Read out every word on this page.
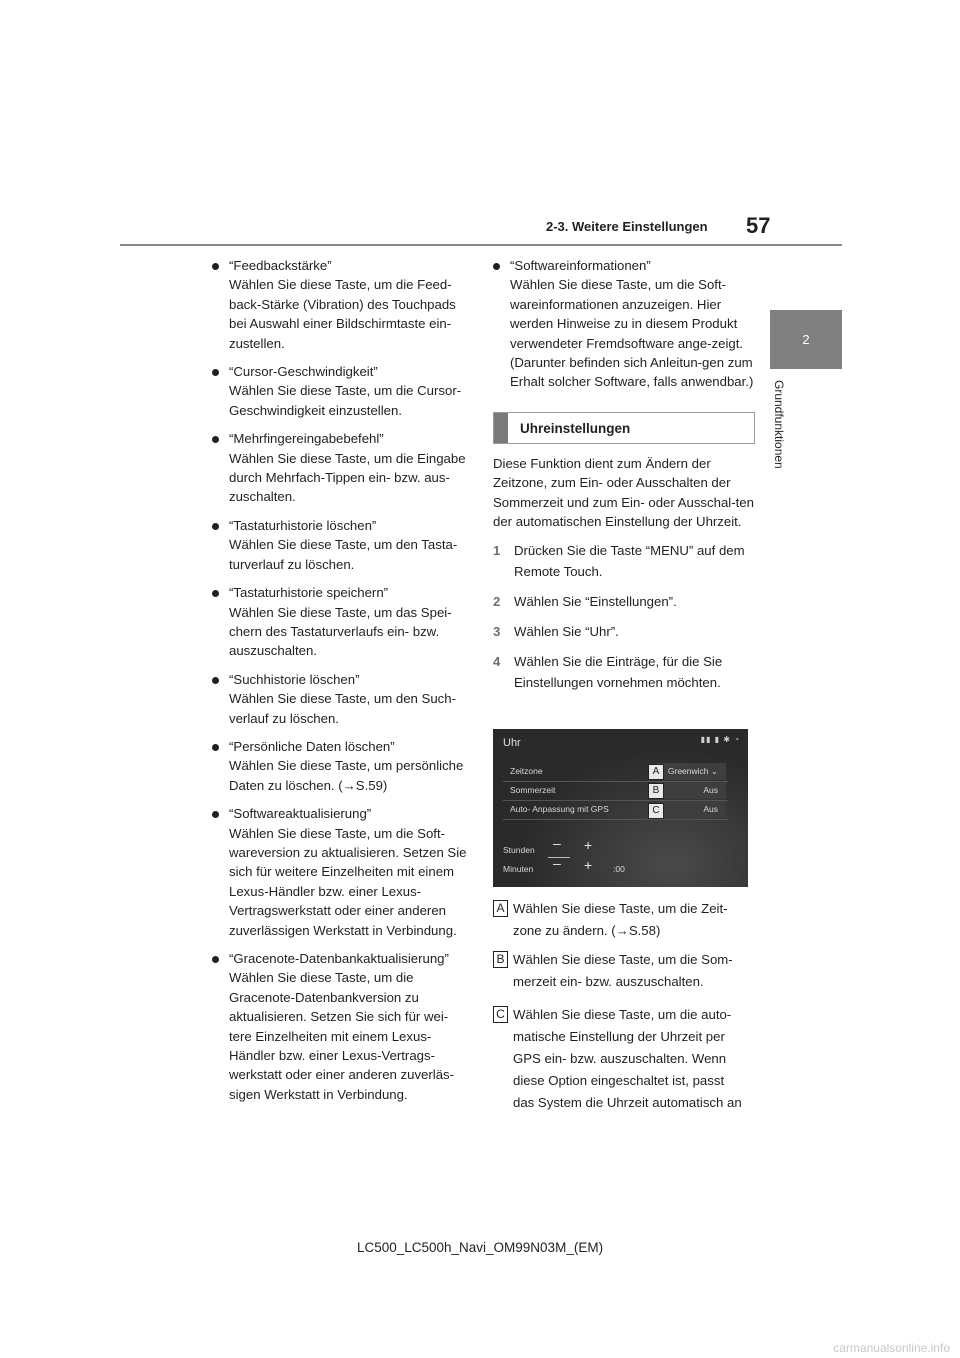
2-3. Weitere Einstellungen 57
2
Grundfunktionen
“Feedbackstärke”
Wählen Sie diese Taste, um die Feed-back-Stärke (Vibration) des Touchpads bei Auswahl einer Bildschirmtaste ein-zustellen.
“Cursor-Geschwindigkeit”
Wählen Sie diese Taste, um die Cursor-Geschwindigkeit einzustellen.
“Mehrfingereingabebefehl”
Wählen Sie diese Taste, um die Eingabe durch Mehrfach-Tippen ein- bzw. aus-zuschalten.
“Tastaturhistorie löschen”
Wählen Sie diese Taste, um den Tasta-turverlauf zu löschen.
“Tastaturhistorie speichern”
Wählen Sie diese Taste, um das Spei-chern des Tastaturverlaufs ein- bzw. auszuschalten.
“Suchhistorie löschen”
Wählen Sie diese Taste, um den Such-verlauf zu löschen.
“Persönliche Daten löschen”
Wählen Sie diese Taste, um persönliche Daten zu löschen. (→S.59)
“Softwareaktualisierung”
Wählen Sie diese Taste, um die Soft-wareversion zu aktualisieren. Setzen Sie sich für weitere Einzelheiten mit einem Lexus-Händler bzw. einer Lexus-Vertragswerkstatt oder einer anderen zuverlässigen Werkstatt in Verbindung.
“Gracenote-Datenbankaktualisierung”
Wählen Sie diese Taste, um die Gracenote-Datenbankversion zu aktualisieren. Setzen Sie sich für wei-tere Einzelheiten mit einem Lexus-Händler bzw. einer Lexus-Vertrags-werkstatt oder einer anderen zuverläs-sigen Werkstatt in Verbindung.
“Softwareinformationen”
Wählen Sie diese Taste, um die Soft-wareinformationen anzuzeigen. Hier werden Hinweise zu in diesem Produkt verwendeter Fremdsoftware ange-zeigt. (Darunter befinden sich Anleitun-gen zum Erhalt solcher Software, falls anwendbar.)
Uhreinstellungen

Diese Funktion dient zum Ändern der Zeitzone, zum Ein- oder Ausschalten der Sommerzeit und zum Ein- oder Ausschal-ten der automatischen Einstellung der Uhrzeit.

1 Drücken Sie die Taste “MENU” auf dem Remote Touch.
2 Wählen Sie “Einstellungen”.
3 Wählen Sie “Uhr”.
4 Wählen Sie die Einträge, für die Sie Einstellungen vornehmen möchten.
Uhr	▮▮ ▮ ✱ ◔
Zeitzone	Greenwich ⌄
Sommerzeit	Aus
Auto- Anpassung mit GPS	Aus
A
B
C
Stunden – +
Minuten – + :00
A Wählen Sie diese Taste, um die Zeit-zone zu ändern. (→S.58)
B Wählen Sie diese Taste, um die Som-merzeit ein- bzw. auszuschalten.
C Wählen Sie diese Taste, um die auto-matische Einstellung der Uhrzeit per GPS ein- bzw. auszuschalten. Wenn diese Option eingeschaltet ist, passt das System die Uhrzeit automatisch an
LC500_LC500h_Navi_OM99N03M_(EM)
carmanualsonline.info
